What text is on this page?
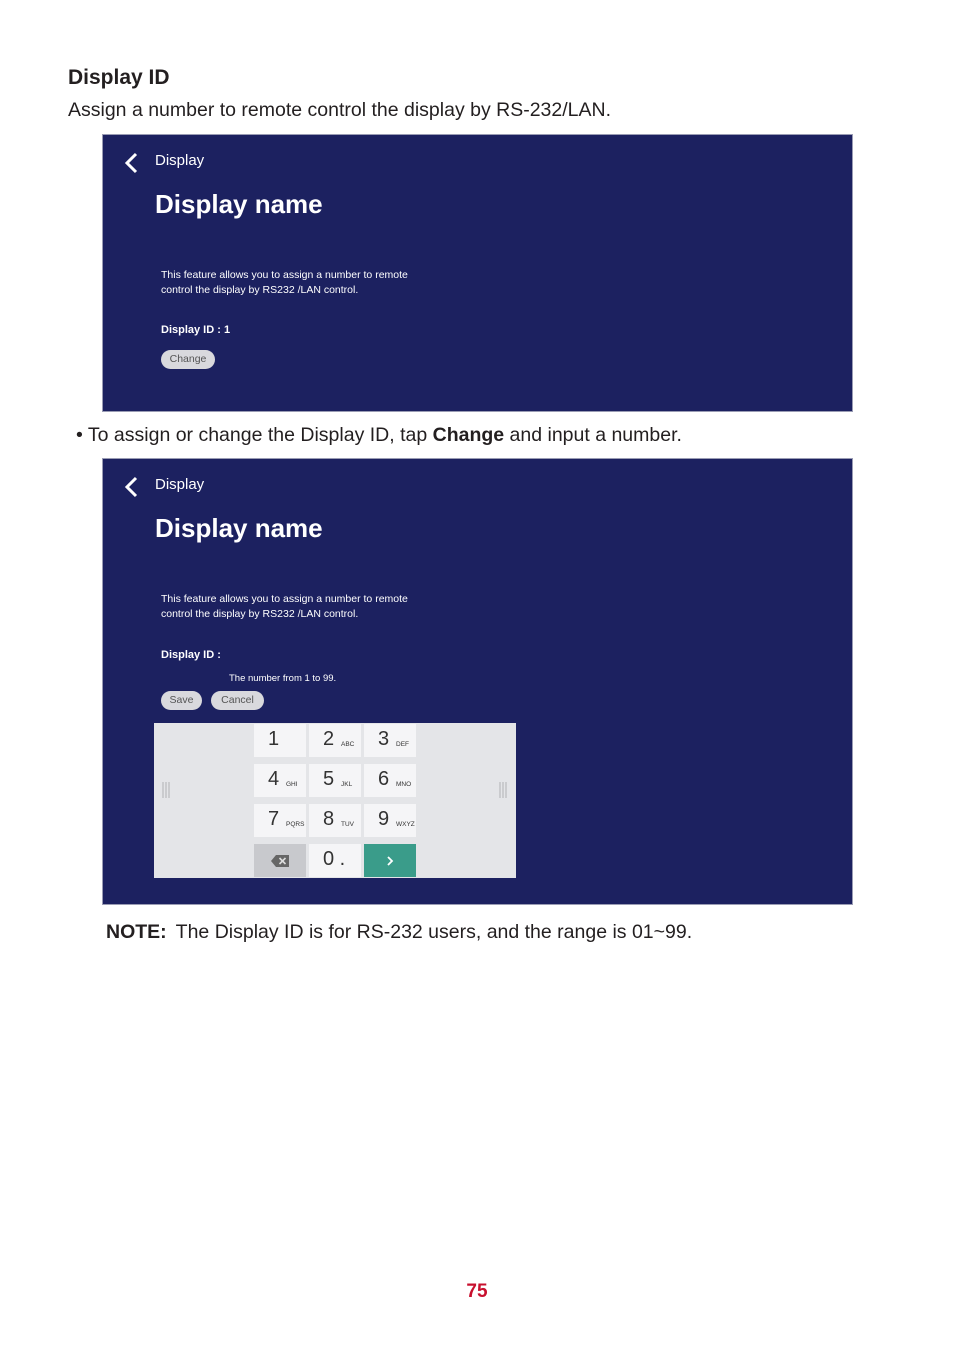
Display ID
Assign a number to remote control the display by RS-232/LAN.
Display
Display name
This feature allows you to assign a number to remote control the display by RS232 /LAN control.
Display ID : 1
Change
• To assign or change the Display ID, tap Change and input a number.
Display
Display name
This feature allows you to assign a number to remote control the display by RS232 /LAN control.
Display ID :
The number from 1 to 99.
Save	Cancel
1 2 ABC 3 DEF
4 GHI 5 JKL 6 MNO
7 PQRS 8 TUV 9 WXYZ
0 .
NOTE: The Display ID is for RS-232 users, and the range is 01~99.
75
